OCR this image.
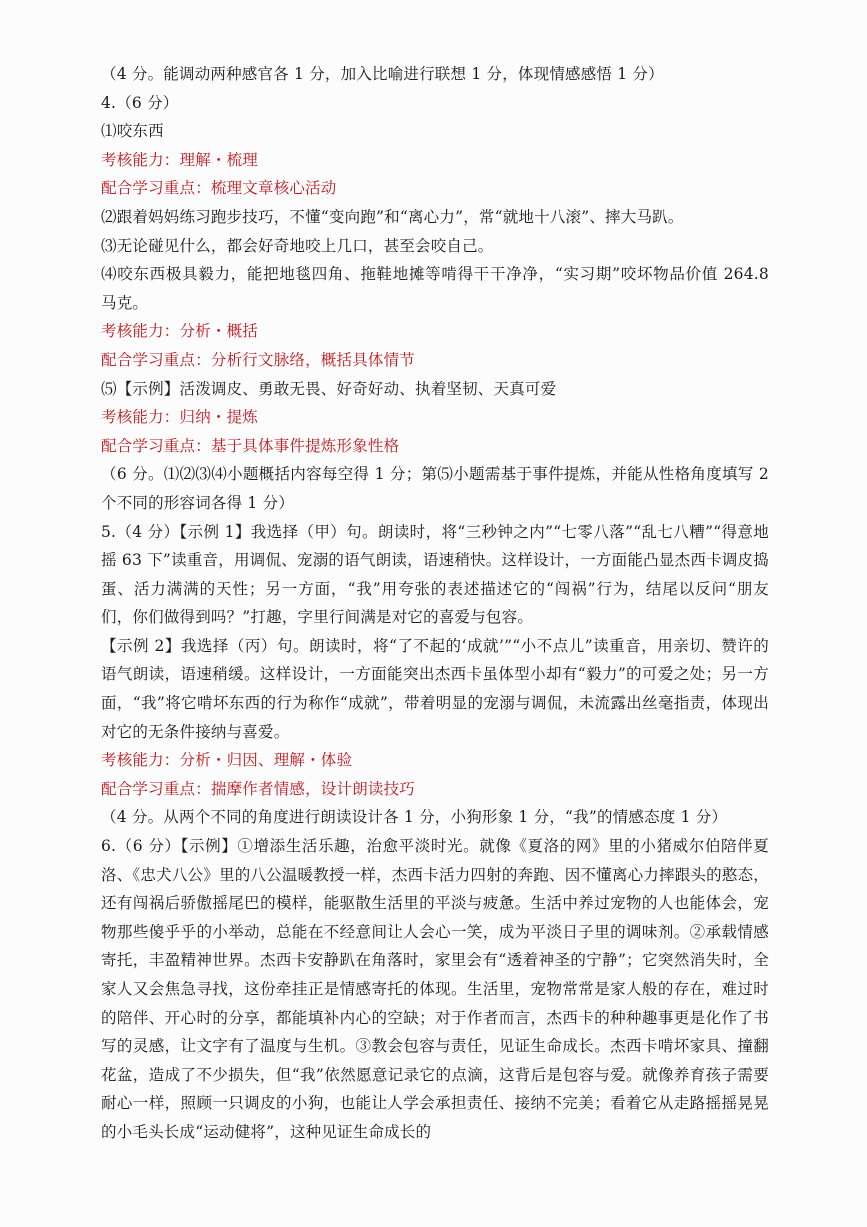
（4 分。能调动两种感官各 1 分，加入比喻进行联想 1 分，体现情感感悟 1 分）
4.（6 分）
⑴咬东西
考核能力：理解・梳理
配合学习重点：梳理文章核心活动
⑵跟着妈妈练习跑步技巧，不懂“变向跑”和“离心力”，常“就地十八滚”、摔大马趴。
⑶无论碰见什么，都会好奇地咬上几口，甚至会咬自己。
⑷咬东西极具毅力，能把地毯四角、拖鞋地摊等啃得干干净净，“实习期”咬坏物品价值 264.8 马克。
考核能力：分析・概括
配合学习重点：分析行文脉络，概括具体情节
⑸【示例】活泼调皮、勇敢无畏、好奇好动、执着坚韧、天真可爱
考核能力：归纳・提炼
配合学习重点：基于具体事件提炼形象性格
（6 分。⑴⑵⑶⑷小题概括内容每空得 1 分；第⑸小题需基于事件提炼，并能从性格角度填写 2 个不同的形容词各得 1 分）
5.（4 分）【示例 1】我选择（甲）句。朗读时，将“三秒钟之内”“七零八落”“乱七八糟”“得意地摇 63 下”读重音，用调侃、宠溺的语气朗读，语速稍快。这样设计，一方面能凸显杰西卡调皮捣蛋、活力满满的天性；另一方面，“我”用夸张的表述描述它的“闯祸”行为，结尾以反问“朋友们，你们做得到吗？”打趣，字里行间满是对它的喜爱与包容。
【示例 2】我选择（丙）句。朗读时，将“了不起的‘成就’”“小不点儿”读重音，用亲切、赞许的语气朗读，语速稍缓。这样设计，一方面能突出杰西卡虽体型小却有“毅力”的可爱之处；另一方面，“我”将它啃坏东西的行为称作“成就”，带着明显的宠溺与调侃，未流露出丝毫指责，体现出对它的无条件接纳与喜爱。
考核能力：分析・归因、理解・体验
配合学习重点：揣摩作者情感，设计朗读技巧
（4 分。从两个不同的角度进行朗读设计各 1 分，小狗形象 1 分，“我”的情感态度 1 分）
6.（6 分）【示例】①增添生活乐趣，治愈平淡时光。就像《夏洛的网》里的小猪威尔伯陪伴夏洛、《忠犬八公》里的八公温暖教授一样，杰西卡活力四射的奔跑、因不懂离心力摔跟头的憨态，还有闯祸后骄傲摇尾巴的模样，能驱散生活里的平淡与疲惫。生活中养过宠物的人也能体会，宠物那些傻乎乎的小举动，总能在不经意间让人会心一笑，成为平淡日子里的调味剂。②承载情感寄托，丰盈精神世界。杰西卡安静趴在角落时，家里会有“透着神圣的宁静”；它突然消失时，全家人又会焦急寻找，这份牵挂正是情感寄托的体现。生活里，宠物常常是家人般的存在，难过时的陪伴、开心时的分享，都能填补内心的空缺；对于作者而言，杰西卡的种种趣事更是化作了书写的灵感，让文字有了温度与生机。③教会包容与责任，见证生命成长。杰西卡啃坏家具、撞翻花盆，造成了不少损失，但“我”依然愿意记录它的点滴，这背后是包容与爱。就像养育孩子需要耐心一样，照顾一只调皮的小狗，也能让人学会承担责任、接纳不完美；看着它从走路摇摇晃晃的小毛头长成“运动健将”，这种见证生命成长的
